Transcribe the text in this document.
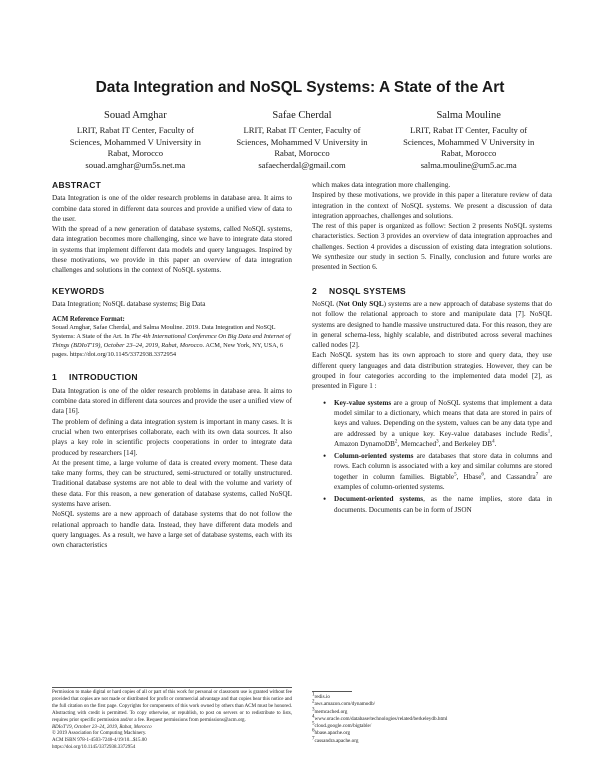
Data Integration and NoSQL Systems: A State of the Art
Souad Amghar
LRIT, Rabat IT Center, Faculty of
Sciences, Mohammed V University in
Rabat, Morocco
souad.amghar@um5s.net.ma
Safae Cherdal
LRIT, Rabat IT Center, Faculty of
Sciences, Mohammed V University in
Rabat, Morocco
safaecherdal@gmail.com
Salma Mouline
LRIT, Rabat IT Center, Faculty of
Sciences, Mohammed V University in
Rabat, Morocco
salma.mouline@um5.ac.ma
ABSTRACT

Data Integration is one of the older research problems in database area. It aims to combine data stored in different data sources and provide a unified view of data to the user.

With the spread of a new generation of database systems, called NoSQL systems, data integration becomes more challenging, since we have to integrate data stored in systems that implement different data models and query languages. Inspired by these motivations, we provide in this paper an overview of data integration challenges and solutions in the context of NoSQL systems.

KEYWORDS

Data Integration; NoSQL database systems; Big Data

ACM Reference Format:
Souad Amghar, Safae Cherdal, and Salma Mouline. 2019. Data Integration and NoSQL Systems: A State of the Art. In The 4th International Conference On Big Data and Internet of Things (BDIoT'19), October 23–24, 2019, Rabat, Morocco. ACM, New York, NY, USA, 6 pages. https://doi.org/10.1145/3372938.3372954
1 INTRODUCTION

Data Integration is one of the older research problems in database area. It aims to combine data stored in different data sources and provide the user a unified view of data [16].

The problem of defining a data integration system is important in many cases. It is crucial when two enterprises collaborate, each with its own data sources. It also plays a key role in scientific projects cooperations in order to integrate data produced by researchers [14].

At the present time, a large volume of data is created every moment. These data take many forms, they can be structured, semi-structured or totally unstructured. Traditional database systems are not able to deal with the volume and variety of these data. For this reason, a new generation of database systems, called NoSQL systems have arisen.

NoSQL systems are a new approach of database systems that do not follow the relational approach to handle data. Instead, they have different data models and query languages. As a result, we have a large set of database systems, each with its own characteristics

which makes data integration more challenging.

Inspired by these motivations, we provide in this paper a literature review of data integration in the context of NoSQL systems. We present a discussion of data integration approaches, challenges and solutions.

The rest of this paper is organized as follow: Section 2 presents NoSQL systems characteristics. Section 3 provides an overview of data integration approaches and challenges. Section 4 provides a discussion of existing data integration solutions. We synthesize our study in section 5. Finally, conclusion and future works are presented in Section 6.

2 NOSQL SYSTEMS

NoSQL (Not Only SQL) systems are a new approach of database systems that do not follow the relational approach to store and manipulate data [7]. NoSQL systems are designed to handle massive unstructured data. For this reason, they are in general schema-less, highly scalable, and distributed across several machines called nodes [2].

Each NoSQL system has its own approach to store and query data, they use different query languages and data distribution strategies. However, they can be grouped in four categories according to the implemented data model [2], as presented in Figure 1 :

•	Key-value systems are a group of NoSQL systems that implement a data model similar to a dictionary, which means that data are stored in pairs of keys and values. Depending on the system, values can be any data type and are addressed by a unique key. Key-value databases include Redis$^1$, Amazon DynamoDB$^2$, Memcached$^3$, and Berkeley $DB^4$.
•	Column-oriented systems are databases that store data in columns and rows. Each column is associated with a key and similar columns are stored together in column families. Bigtable$^5$, Hbase$^6$, and Cassandra$^7$ are examples of column-oriented systems.
•	Document-oriented systems, as the name implies, store data in documents. Documents can be in form of JSON

Permission to make digital or hard copies of all or part of this work for personal or classroom use is granted without fee provided that copies are not made or distributed for profit or commercial advantage and that copies bear this notice and the full citation on the first page. Copyrights for components of this work owned by others than ACM must be honored. Abstracting with credit is permitted. To copy otherwise, or republish, to post on servers or to redistribute to lists, requires prior specific permission and/or a fee. Request permissions from permissions@acm.org.

BDIoT'19, October 23–24, 2019, Rabat, Morocco

© 2019 Association for Computing Machinery.

ACM ISBN 978-1-4503-7240-4/19/10...$15.00

https://doi.org/10.1145/3372938.3372954

$^1$redis.io
$^2$aws.amazon.com/dynamodb/
$^3$memcached.org
$^4$www.oracle.com/database/technologies/related/berkeleydb.html
$^5$cloud.google.com/bigtable/
$^6$hbase.apache.org
$^7$cassandra.apache.org
